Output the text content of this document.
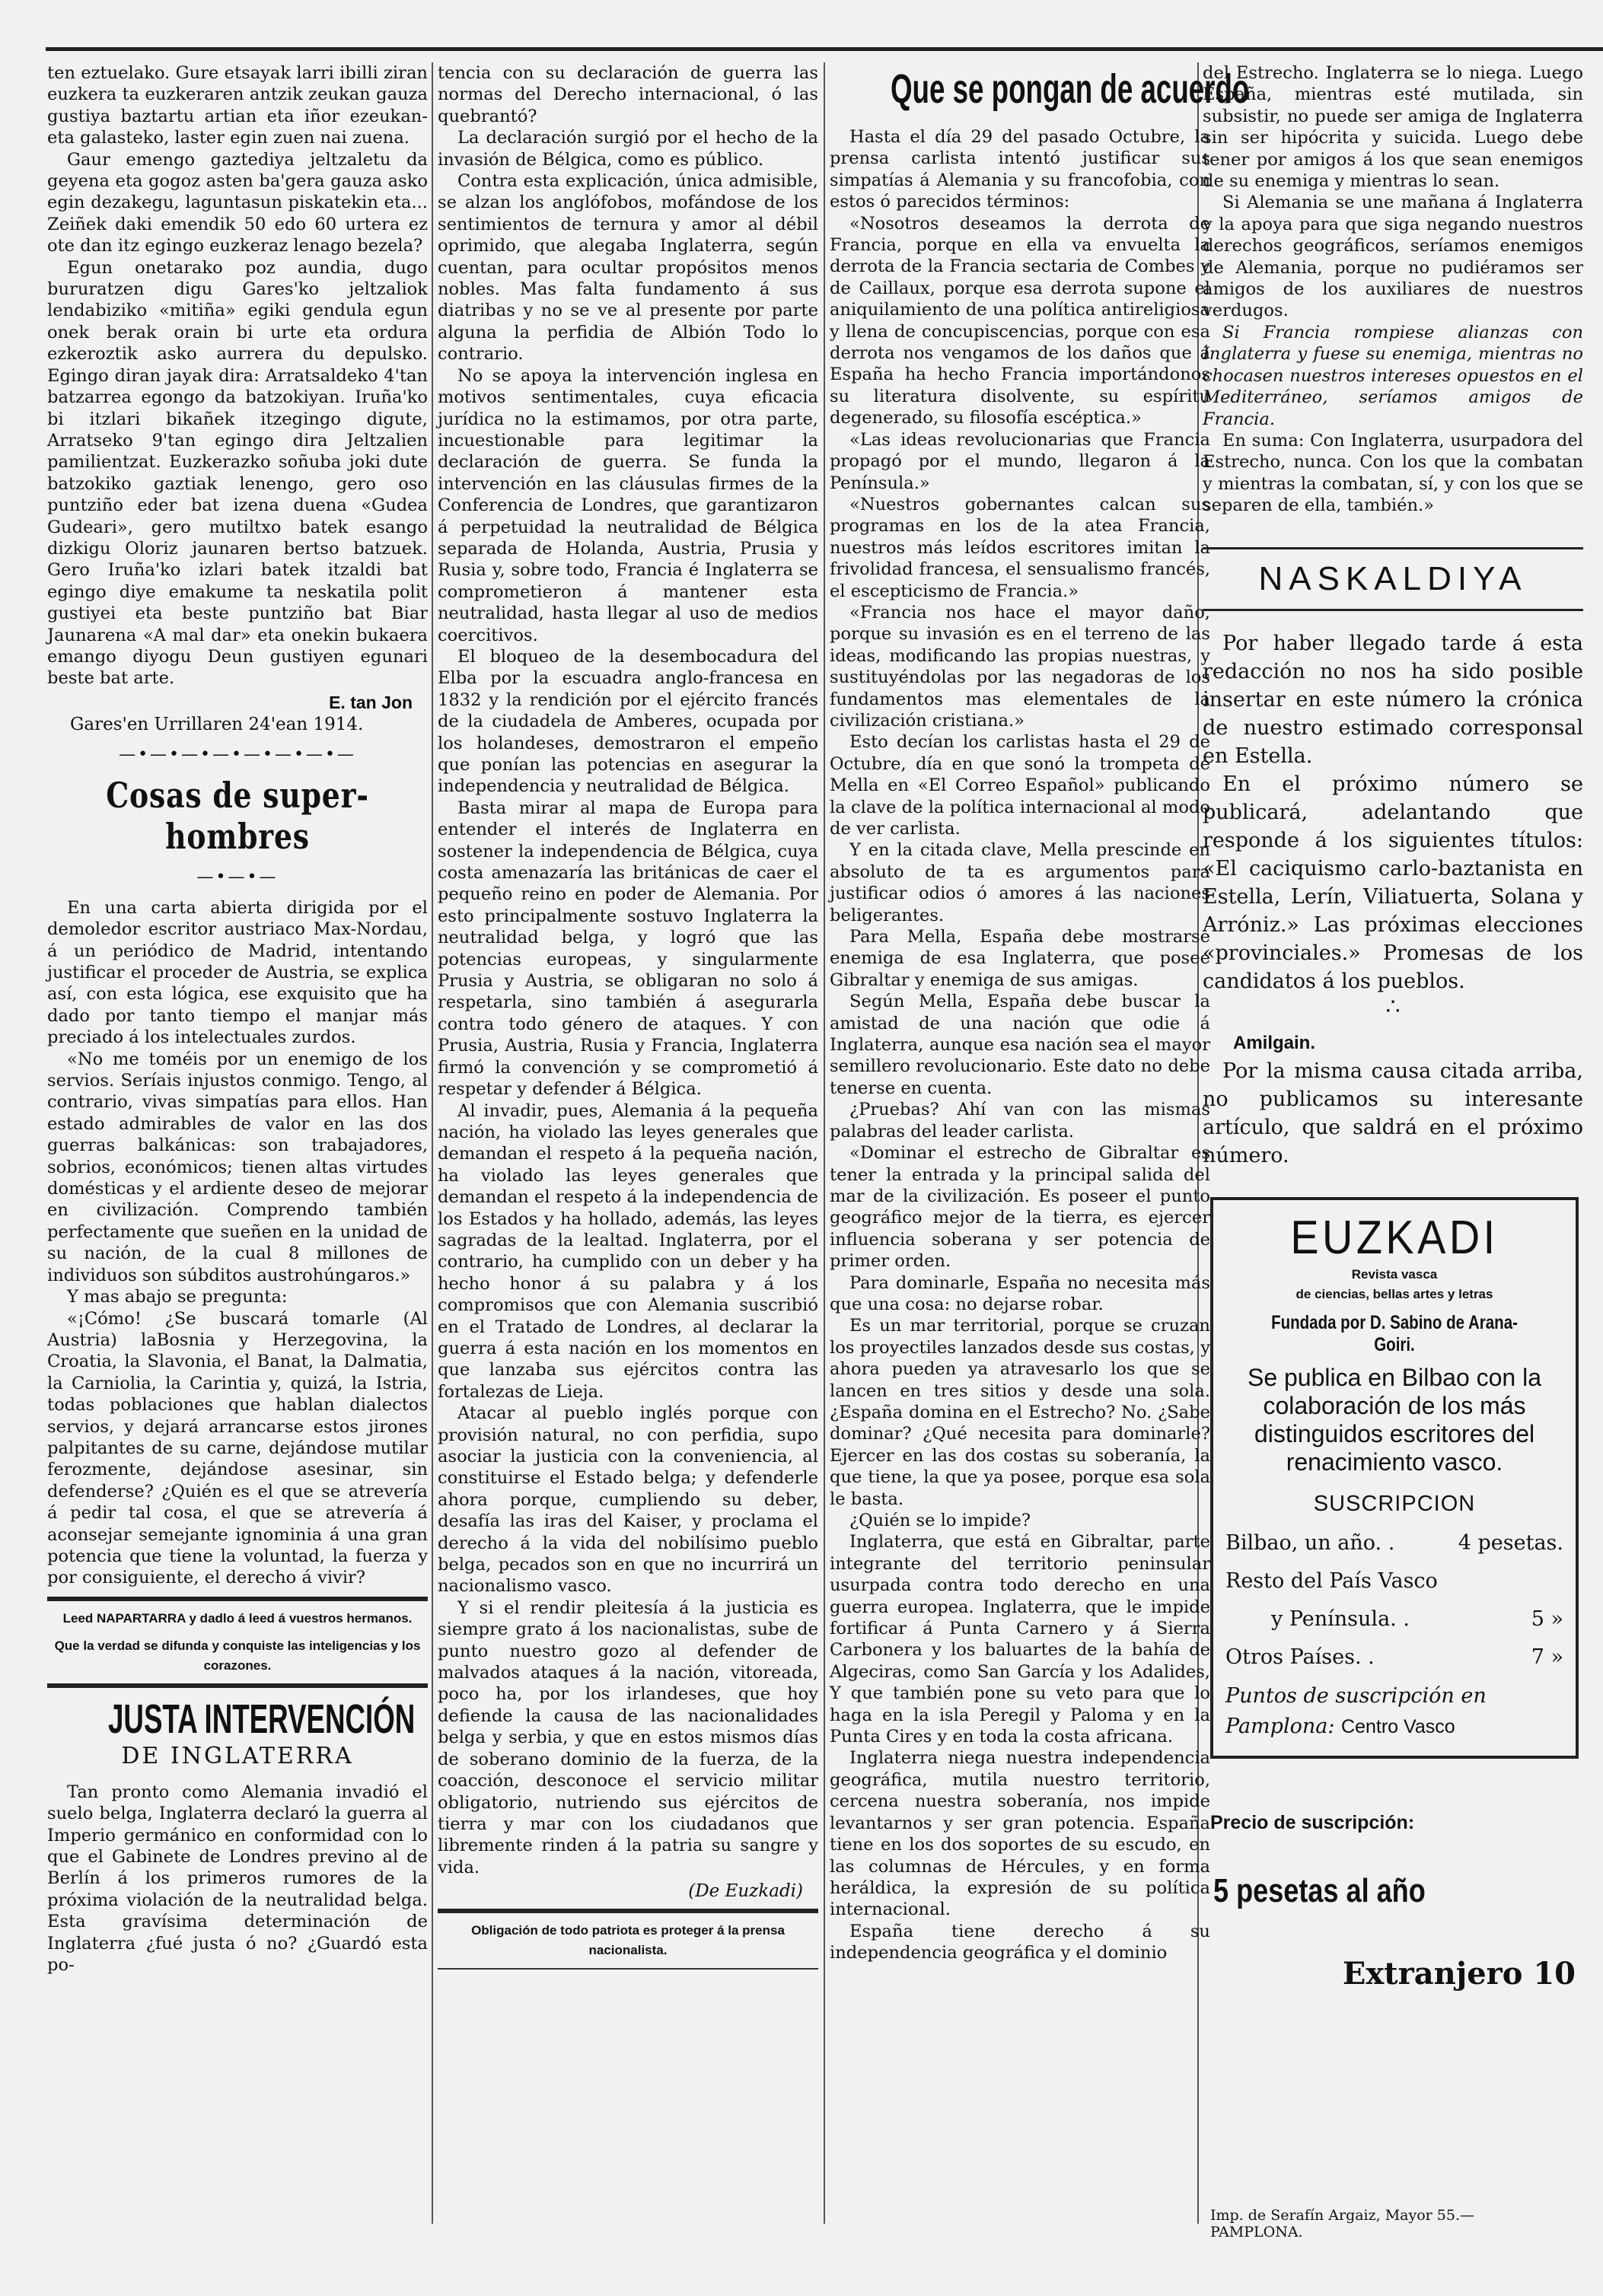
ten eztuelako. Gure etsayak larri ibilli ziran euzkera ta euzkeraren antzik zeukan gauza gustiya baztartu artian eta iñor ezeukan-eta galasteko, laster egin zuen nai zuena.

Gaur emengo gaztediya jeltzaletu da geyena eta gogoz asten ba'gera gauza asko egin dezakegu, laguntasun piskatekin eta... Zeiñek daki emendik 50 edo 60 urtera ez ote dan itz egingo euzkeraz lenago bezela?

Egun onetarako poz aundia, dugo bururatzen digu Gares'ko jeltzaliok lendabiziko «mitiña» egiki gendula egun onek berak orain bi urte eta ordura ezkeroztik asko aurrera du depulsko. Egingo diran jayak dira: Arratsaldeko 4'tan batzarrea egongo da batzokiyan. Iruña'ko bi itzlari bikañek itzegingo digute, Arratseko 9'tan egingo dira Jeltzalien pamilientzat. Euzkerazko soñuba joki dute batzokiko gaztiak lenengo, gero oso puntziño eder bat izena duena «Gudea Gudeari», gero mutiltxo batek esango dizkigu Oloriz jaunaren bertso batzuek. Gero Iruña'ko izlari batek itzaldi bat egingo diye emakume ta neskatila polit gustiyei eta beste puntziño bat Biar Jaunarena «A mal dar» eta onekin bukaera emango diyogu Deun gustiyen egunari beste bat arte.

E. tan Jon
Gares'en Urrillaren 24'ean 1914.
—•—•—•—•—•—•—•—
Cosas de super-hombres
—•—•—

En una carta abierta dirigida por el demoledor escritor austriaco Max-Nordau, á un periódico de Madrid, intentando justificar el proceder de Austria, se explica así, con esta lógica, ese exquisito que ha dado por tanto tiempo el manjar más preciado á los intelectuales zurdos.

«No me toméis por un enemigo de los servios. Seríais injustos conmigo. Tengo, al contrario, vivas simpatías para ellos. Han estado admirables de valor en las dos guerras balkánicas: son trabajadores, sobrios, económicos; tienen altas virtudes domésticas y el ardiente deseo de mejorar en civilización. Comprendo también perfectamente que sueñen en la unidad de su nación, de la cual 8 millones de individuos son súbditos austrohúngaros.»

Y mas abajo se pregunta:

«¡Cómo! ¿Se buscará tomarle (Al Austria) laBosnia y Herzegovina, la Croatia, la Slavonia, el Banat, la Dalmatia, la Carniolia, la Carintia y, quizá, la Istria, todas poblaciones que hablan dialectos servios, y dejará arrancarse estos jirones palpitantes de su carne, dejándose mutilar ferozmente, dejándose asesinar, sin defenderse? ¿Quién es el que se atrevería á pedir tal cosa, el que se atrevería á aconsejar semejante ignominia á una gran potencia que tiene la voluntad, la fuerza y por consiguiente, el derecho á vivir?

Leed NAPARTARRA y dadlo á leed á vuestros hermanos.
Que la verdad se difunda y conquiste las inteligencias y los corazones.
JUSTA INTERVENCIÓN
DE INGLATERRA

Tan pronto como Alemania invadió el suelo belga, Inglaterra declaró la guerra al Imperio germánico en conformidad con lo que el Gabinete de Londres previno al de Berlín á los primeros rumores de la próxima violación de la neutralidad belga. Esta gravísima determinación de Inglaterra ¿fué justa ó no? ¿Guardó esta po-

tencia con su declaración de guerra las normas del Derecho internacional, ó las quebrantó?

La declaración surgió por el hecho de la invasión de Bélgica, como es público.

Contra esta explicación, única admisible, se alzan los anglófobos, mofándose de los sentimientos de ternura y amor al débil oprimido, que alegaba Inglaterra, según cuentan, para ocultar propósitos menos nobles. Mas falta fundamento á sus diatribas y no se ve al presente por parte alguna la perfidia de Albión Todo lo contrario.

No se apoya la intervención inglesa en motivos sentimentales, cuya eficacia jurídica no la estimamos, por otra parte, incuestionable para legitimar la declaración de guerra. Se funda la intervención en las cláusulas firmes de la Conferencia de Londres, que garantizaron á perpetuidad la neutralidad de Bélgica separada de Holanda, Austria, Prusia y Rusia y, sobre todo, Francia é Inglaterra se comprometieron á mantener esta neutralidad, hasta llegar al uso de medios coercitivos.

El bloqueo de la desembocadura del Elba por la escuadra anglo-francesa en 1832 y la rendición por el ejército francés de la ciudadela de Amberes, ocupada por los holandeses, demostraron el empeño que ponían las potencias en asegurar la independencia y neutralidad de Bélgica.

Basta mirar al mapa de Europa para entender el interés de Inglaterra en sostener la independencia de Bélgica, cuya costa amenazaría las británicas de caer el pequeño reino en poder de Alemania. Por esto principalmente sostuvo Inglaterra la neutralidad belga, y logró que las potencias europeas, y singularmente Prusia y Austria, se obligaran no solo á respetarla, sino también á asegurarla contra todo género de ataques. Y con Prusia, Austria, Rusia y Francia, Inglaterra firmó la convención y se comprometió á respetar y defender á Bélgica.

Al invadir, pues, Alemania á la pequeña nación, ha violado las leyes generales que demandan el respeto á la pequeña nación, ha violado las leyes generales que demandan el respeto á la independencia de los Estados y ha hollado, además, las leyes sagradas de la lealtad. Inglaterra, por el contrario, ha cumplido con un deber y ha hecho honor á su palabra y á los compromisos que con Alemania suscribió en el Tratado de Londres, al declarar la guerra á esta nación en los momentos en que lanzaba sus ejércitos contra las fortalezas de Lieja.

Atacar al pueblo inglés porque con provisión natural, no con perfidia, supo asociar la justicia con la conveniencia, al constituirse el Estado belga; y defenderle ahora porque, cumpliendo su deber, desafía las iras del Kaiser, y proclama el derecho á la vida del nobilísimo pueblo belga, pecados son en que no incurrirá un nacionalismo vasco.

Y si el rendir pleitesía á la justicia es siempre grato á los nacionalistas, sube de punto nuestro gozo al defender de malvados ataques á la nación, vitoreada, poco ha, por los irlandeses, que hoy defiende la causa de las nacionalidades belga y serbia, y que en estos mismos días de soberano dominio de la fuerza, de la coacción, desconoce el servicio militar obligatorio, nutriendo sus ejércitos de tierra y mar con los ciudadanos que libremente rinden á la patria su sangre y vida.

(De Euzkadi)
Obligación de todo patriota es proteger á la prensa nacionalista.
Que se pongan de acuerdo

Hasta el día 29 del pasado Octubre, la prensa carlista intentó justificar sus simpatías á Alemania y su francofobia, con estos ó parecidos términos:

«Nosotros deseamos la derrota de Francia, porque en ella va envuelta la derrota de la Francia sectaria de Combes y de Caillaux, porque esa derrota supone el aniquilamiento de una política antireligiosa y llena de concupiscencias, porque con esa derrota nos vengamos de los daños que á España ha hecho Francia importándonos su literatura disolvente, su espíritu degenerado, su filosofía escéptica.»

«Las ideas revolucionarias que Francia propagó por el mundo, llegaron á la Península.»

«Nuestros gobernantes calcan sus programas en los de la atea Francia, nuestros más leídos escritores imitan la frivolidad francesa, el sensualismo francés, el escepticismo de Francia.»

«Francia nos hace el mayor daño, porque su invasión es en el terreno de las ideas, modificando las propias nuestras, y sustituyéndolas por las negadoras de los fundamentos mas elementales de la civilización cristiana.»

Esto decían los carlistas hasta el 29 de Octubre, día en que sonó la trompeta de Mella en «El Correo Español» publicando la clave de la política internacional al modo de ver carlista.

Y en la citada clave, Mella prescinde en absoluto de ta es argumentos para justificar odios ó amores á las naciones beligerantes.

Para Mella, España debe mostrarse enemiga de esa Inglaterra, que posee Gibraltar y enemiga de sus amigas.

Según Mella, España debe buscar la amistad de una nación que odie á Inglaterra, aunque esa nación sea el mayor semillero revolucionario. Este dato no debe tenerse en cuenta.

¿Pruebas? Ahí van con las mismas palabras del leader carlista.

«Dominar el estrecho de Gibraltar es tener la entrada y la principal salida del mar de la civilización. Es poseer el punto geográfico mejor de la tierra, es ejercer influencia soberana y ser potencia de primer orden.

Para dominarle, España no necesita más que una cosa: no dejarse robar.

Es un mar territorial, porque se cruzan los proyectiles lanzados desde sus costas, y ahora pueden ya atravesarlo los que se lancen en tres sitios y desde una sola. ¿España domina en el Estrecho? No. ¿Sabe dominar? ¿Qué necesita para dominarle? Ejercer en las dos costas su soberanía, la que tiene, la que ya posee, porque esa sola le basta.

¿Quién se lo impide?

Inglaterra, que está en Gibraltar, parte integrante del territorio peninsular usurpada contra todo derecho en una guerra europea. Inglaterra, que le impide fortificar á Punta Carnero y á Sierra Carbonera y los baluartes de la bahía de Algeciras, como San García y los Adalides, Y que también pone su veto para que lo haga en la isla Peregil y Paloma y en la Punta Cires y en toda la costa africana.

Inglaterra niega nuestra independencia geográfica, mutila nuestro territorio, cercena nuestra soberanía, nos impide levantarnos y ser gran potencia. España tiene en los dos soportes de su escudo, en las columnas de Hércules, y en forma heráldica, la expresión de su política internacional.

España tiene derecho á su independencia geográfica y el dominio

del Estrecho. Inglaterra se lo niega. Luego España, mientras esté mutilada, sin subsistir, no puede ser amiga de Inglaterra sin ser hipócrita y suicida. Luego debe tener por amigos á los que sean enemigos de su enemiga y mientras lo sean.

Si Alemania se une mañana á Inglaterra y la apoya para que siga negando nuestros derechos geográficos, seríamos enemigos de Alemania, porque no pudiéramos ser amigos de los auxiliares de nuestros verdugos.

Si Francia rompiese alianzas con Inglaterra y fuese su enemiga, mientras no chocasen nuestros intereses opuestos en el Mediterráneo, seríamos amigos de Francia.

En suma: Con Inglaterra, usurpadora del Estrecho, nunca. Con los que la combatan y mientras la combatan, sí, y con los que se separen de ella, también.»

NASKALDIYA

Por haber llegado tarde á esta redacción no nos ha sido posible insertar en este número la crónica de nuestro estimado corresponsal en Estella.

En el próximo número se publicará, adelantando que responde á los siguientes títulos: «El caciquismo carlo-baztanista en Estella, Lerín, Viliatuerta, Solana y Arróniz.» Las próximas elecciones «provinciales.» Promesas de los candidatos á los pueblos.

∴
Amilgain.

Por la misma causa citada arriba, no publicamos su interesante artículo, que saldrá en el próximo número.

EUZKADI
Revista vasca
de ciencias, bellas artes y letras
Fundada por D. Sabino de Arana-Goiri.
Se publica en Bilbao con la colaboración de los más distinguidos escritores del renacimiento vasco.
SUSCRIPCION
Bilbao, un año. .	4 pesetas.
Resto del País Vasco
y Península. .	5 »
Otros Países. .	7 »
Puntos de suscripción en Pamplona: Centro Vasco
Precio de suscripción:
5 pesetas al año
Extranjero 10
Imp. de Serafín Argaiz, Mayor 55.— PAMPLONA.
